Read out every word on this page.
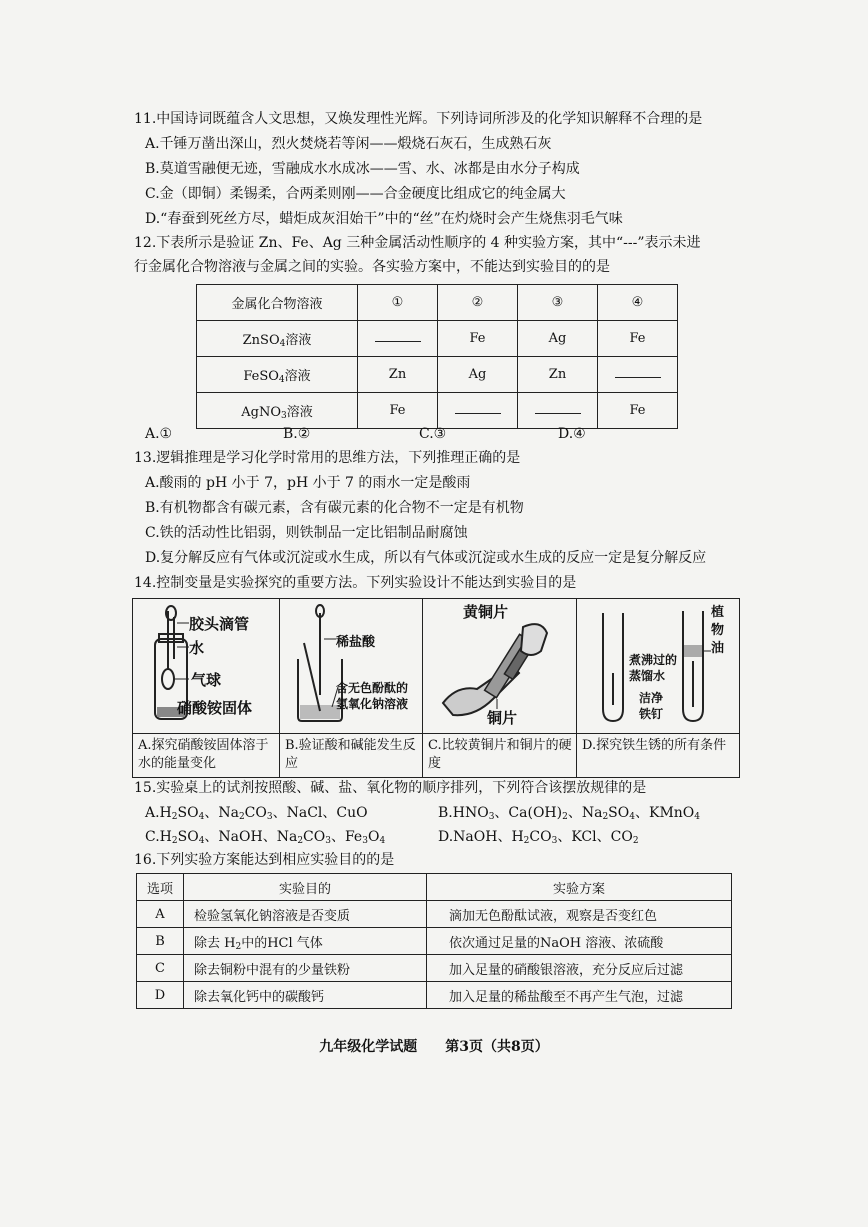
11.中国诗词既蕴含人文思想，又焕发理性光辉。下列诗词所涉及的化学知识解释不合理的是
A.千锤万凿出深山，烈火焚烧若等闲——煅烧石灰石，生成熟石灰
B.莫道雪融便无迹，雪融成水水成冰——雪、水、冰都是由水分子构成
C.金（即铜）柔锡柔，合两柔则刚——合金硬度比组成它的纯金属大
D.“春蚕到死丝方尽，蜡炬成灰泪始干”中的“丝”在灼烧时会产生烧焦羽毛气味
12.下表所示是验证 Zn、Fe、Ag 三种金属活动性顺序的 4 种实验方案，其中“---”表示未进
行金属化合物溶液与金属之间的实验。各实验方案中，不能达到实验目的的是
金属化合物溶液	①	②	③	④
ZnSO$_4$溶液		Fe	Ag	Fe
FeSO$_4$溶液	Zn	Ag	Zn	
AgNO$_3$溶液	Fe			Fe
A.①	B.②	C.③	D.④
13.逻辑推理是学习化学时常用的思维方法，下列推理正确的是
A.酸雨的 pH 小于 7，pH 小于 7 的雨水一定是酸雨
B.有机物都含有碳元素，含有碳元素的化合物不一定是有机物
C.铁的活动性比铝弱，则铁制品一定比铝制品耐腐蚀
D.复分解反应有气体或沉淀或水生成，所以有气体或沉淀或水生成的反应一定是复分解反应
14.控制变量是实验探究的重要方法。下列实验设计不能达到实验目的是
胶头滴管
水
气球
硝酸铵固体
A.探究硝酸铵固体溶于水的能量变化
稀盐酸
含无色酚酞的
氢氧化钠溶液
B.验证酸和碱能发生反应
黄铜片
铜片
C.比较黄铜片和铜片的硬度
植
物
油
煮沸过的
蒸馏水
洁净
铁钉
D.探究铁生锈的所有条件
15.实验桌上的试剂按照酸、碱、盐、氧化物的顺序排列，下列符合该摆放规律的是
$A.H_2SO_4$、$Na_2CO_3$、NaCl、CuO	$B.HNO_3$、$Ca(OH)_2$、$Na_2SO_4$、KMnO$_4$
$C.H_2SO_4$、NaOH、$Na_2CO_3$、$Fe_3O_4$	D.NaOH、$H_2CO_3$、KCl、$CO_2$
16.下列实验方案能达到相应实验目的的是
选项	实验目的	实验方案
A	检验氢氧化钠溶液是否变质	滴加无色酚酞试液，观察是否变红色
B	除去 $H_2$中的HCl 气体	依次通过足量的NaOH 溶液、浓硫酸
C	除去铜粉中混有的少量铁粉	加入足量的硝酸银溶液，充分反应后过滤
D	除去氧化钙中的碳酸钙	加入足量的稀盐酸至不再产生气泡，过滤
九年级化学试题 第3页（共8页）
